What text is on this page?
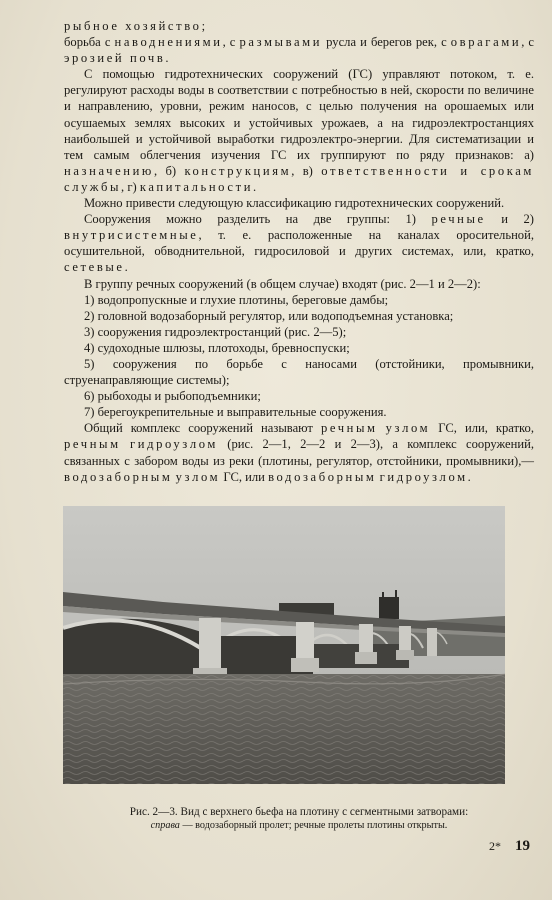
рыбное хозяйство;

борьба с наводнениями, с размывами русла и берегов рек, с оврагами, с эрозией почв.

С помощью гидротехнических сооружений (ГС) управляют потоком, т. е. регулируют расходы воды в соответствии с потребностью в ней, скорости по величине и направлению, уровни, режим наносов, с целью получения на орошаемых или осушаемых землях высоких и устойчивых урожаев, а на гидроэлектростанциях наибольшей и устойчивой выработки гидроэлектро-энергии. Для систематизации и тем самым облегчения изучения ГС их группируют по ряду признаков: а) назначению, б) конструкциям, в) ответственности и срокам службы, г) капитальности.

Можно привести следующую классификацию гидротехнических сооружений.

Сооружения можно разделить на две группы: 1) речные и 2) внутрисистемные, т. е. расположенные на каналах оросительной, осушительной, обводнительной, гидросиловой и других системах, или, кратко, сетевые.

В группу речных сооружений (в общем случае) входят (рис. 2—1 и 2—2):

1) водопропускные и глухие плотины, береговые дамбы;

2) головной водозаборный регулятор, или водоподъемная установка;

3) сооружения гидроэлектростанций (рис. 2—5);

4) судоходные шлюзы, плотоходы, бревноспуски;

5) сооружения по борьбе с наносами (отстойники, промывники, струенаправляющие системы);

6) рыбоходы и рыбоподъемники;

7) берегоукрепительные и выправительные сооружения.

Общий комплекс сооружений называют речным узлом ГС, или, кратко, речным гидроузлом (рис. 2—1, 2—2 и 2—3), а комплекс сооружений, связанных с забором воды из реки (плотины, регулятор, отстойники, промывники),— водозаборным узлом ГС, или водозаборным гидроузлом.

Рис. 2—3. Вид с верхнего бьефа на плотину с сегментными затворами:
справа — водозаборный пролет; речные пролеты плотины открыты.
2* 19
